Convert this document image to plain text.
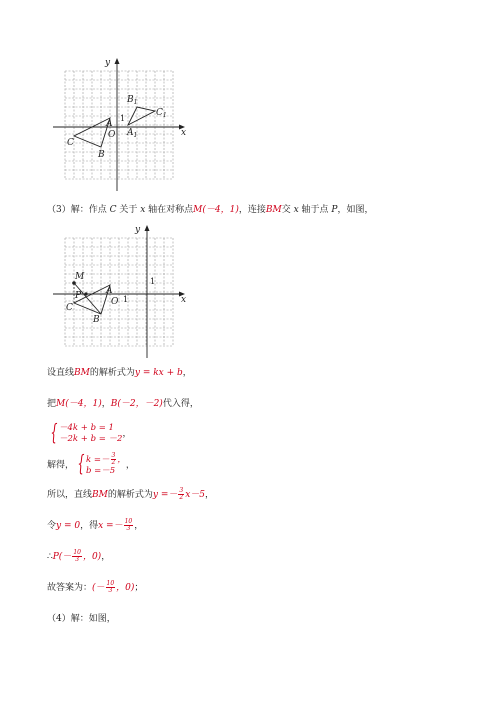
y
x
O
A
B
C
1
$A_1$
$B_1$
$C_1$
（3）解：作点 C 关于 x 轴在对称点M(－4，1)，连接BM交 x 轴于点 P，如图，
y
x
O
A
B
C
M
P
1
1
设直线BM的解析式为y = kx + b，
把M(－4，1)，B(－2，－2)代入得，
{ －4k + b = 1
－2k + b = －2 ，
解得， { $k =- \frac{3}{2}$ ，
b =－5
，
所以，直线BM的解析式为$y =- \frac{3}{2} x-5$，
令y = 0，得$x =- \frac{10}{3}$ ，
∴P(－ $\frac{10}{3}$ ，0)，
故答案为：(－ $\frac{10}{3}$ ，0)；
（4）解：如图，
